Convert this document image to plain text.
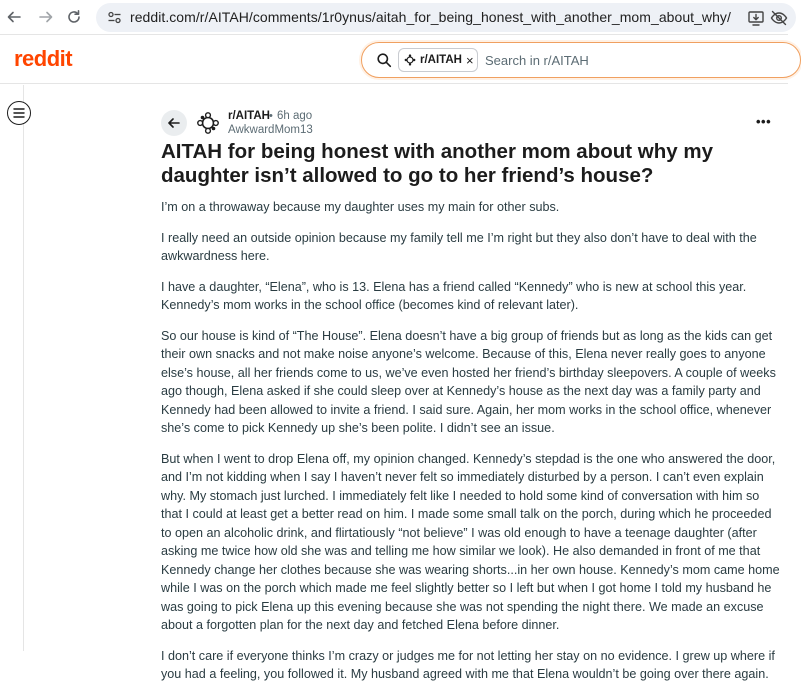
reddit.com/r/AITAH/comments/1r0ynus/aitah_for_being_honest_with_another_mom_about_why/
reddit	r/AITAH × Search in r/AITAH
r/AITAH • 6h ago
AwkwardMom13
•••
AITAH for being honest with another mom about why my daughter isn’t allowed to go to her friend’s house?

I’m on a throwaway because my daughter uses my main for other subs.

I really need an outside opinion because my family tell me I’m right but they also don’t have to deal with the awkwardness here.

I have a daughter, “Elena”, who is 13. Elena has a friend called “Kennedy” who is new at school this year. Kennedy’s mom works in the school office (becomes kind of relevant later).

So our house is kind of “The House”. Elena doesn’t have a big group of friends but as long as the kids can get their own snacks and not make noise anyone’s welcome. Because of this, Elena never really goes to anyone else’s house, all her friends come to us, we’ve even hosted her friend’s birthday sleepovers. A couple of weeks ago though, Elena asked if she could sleep over at Kennedy’s house as the next day was a family party and Kennedy had been allowed to invite a friend. I said sure. Again, her mom works in the school office, whenever she’s come to pick Kennedy up she’s been polite. I didn’t see an issue.

But when I went to drop Elena off, my opinion changed. Kennedy’s stepdad is the one who answered the door, and I’m not kidding when I say I haven’t never felt so immediately disturbed by a person. I can’t even explain why. My stomach just lurched. I immediately felt like I needed to hold some kind of conversation with him so that I could at least get a better read on him. I made some small talk on the porch, during which he proceeded to open an alcoholic drink, and flirtatiously “not believe” I was old enough to have a teenage daughter (after asking me twice how old she was and telling me how similar we look). He also demanded in front of me that Kennedy change her clothes because she was wearing shorts...in her own house. Kennedy’s mom came home while I was on the porch which made me feel slightly better so I left but when I got home I told my husband he was going to pick Elena up this evening because she was not spending the night there. We made an excuse about a forgotten plan for the next day and fetched Elena before dinner.

I don’t care if everyone thinks I’m crazy or judges me for not letting her stay on no evidence. I grew up where if you had a feeling, you followed it. My husband agreed with me that Elena wouldn’t be going over there again.
